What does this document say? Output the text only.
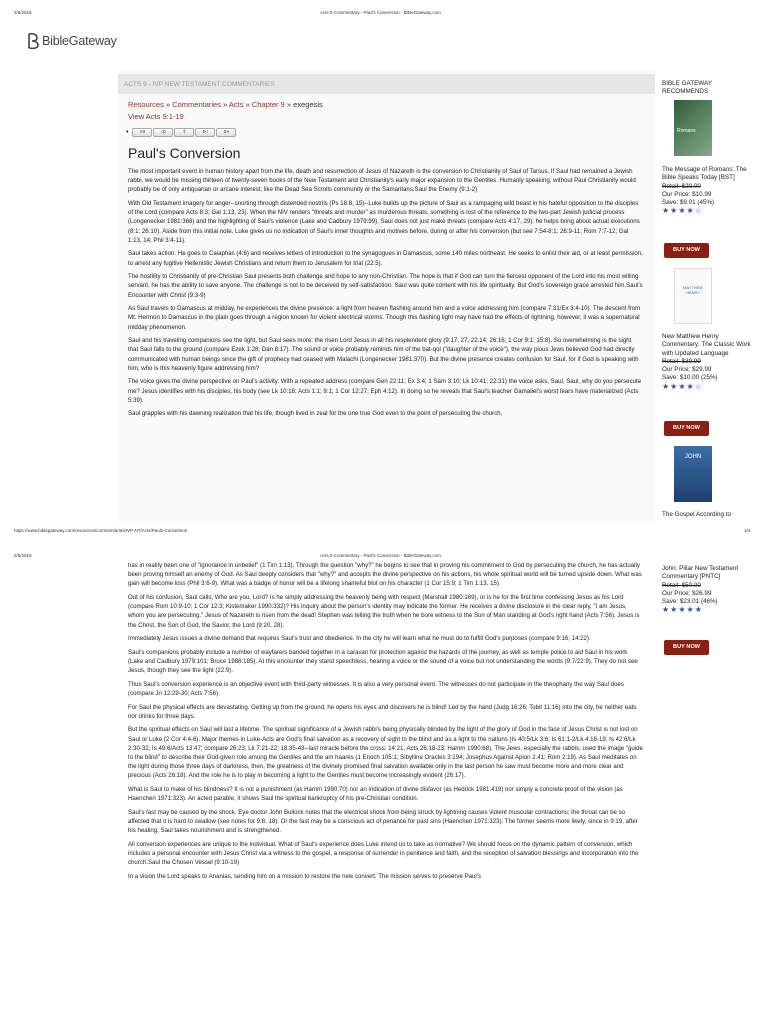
2/6/2016	Acts 9 Commentary - Paul's Conversion - BibleGateway.com
BibleGateway
ACTS 9 - IVP NEW TESTAMENT COMMENTARIES
Resources » Commentaries » Acts » Chapter 9 » exegesis
View Acts 9:1-19
•	«o	‹o	⇧	⊳›	o»
Paul's Conversion

The most important event in human history apart from the life, death and resurrection of Jesus of Nazareth is the conversion to Christianity of Saul of Tarsus. If Saul had remained a Jewish rabbi, we would be missing thirteen of twenty-seven books of the New Testament and Christianity's early major expansion to the Gentiles. Humanly speaking, without Paul Christianity would probably be of only antiquarian or arcane interest, like the Dead Sea Scrolls community or the Samaritans.Saul the Enemy (9:1-2)

With Old Testament imagery for anger--snorting through distended nostrils (Ps 18:8, 15)--Luke builds up the picture of Saul as a rampaging wild beast in his hateful opposition to the disciples of the Lord (compare Acts 8:3; Gal 1:13, 23). When the NIV renders "threats and murder" as murderous threats, something is lost of the reference to the two-part Jewish judicial process (Longenecker 1981:368) and the highlighting of Saul's violence (Lake and Cadbury 1979:99). Saul does not just make threats (compare Acts 4:17, 29); he helps bring about actual executions (8:1; 26:10). Aside from this initial note, Luke gives us no indication of Saul's inner thoughts and motives before, during or after his conversion (but see 7:54-8:1; 26:9-11; Rom 7:7-12; Gal 1:13, 14; Phil 3:4-11).

Saul takes action. He goes to Caiaphas (4:6) and receives letters of introduction to the synagogues in Damascus, some 140 miles northeast. He seeks to enlist their aid, or at least permission, to arrest any fugitive Hellenistic Jewish Christians and return them to Jerusalem for trial (22:5).

The hostility to Christianity of pre-Christian Saul presents both challenge and hope to any non-Christian. The hope is that if God can turn the fiercest opponent of the Lord into his most willing servant, he has the ability to save anyone. The challenge is not to be deceived by self-satisfaction. Saul was quite content with his life spiritually. But God's sovereign grace arrested him.Saul's Encounter with Christ (9:3-9)

As Saul travels to Damascus at midday, he experiences the divine presence: a light from heaven flashing around him and a voice addressing him (compare 7:31/Ex 3:4-10). The descent from Mt. Hermon to Damascus in the plain goes through a region known for violent electrical storms. Though this flashing light may have had the effects of lightning, however, it was a supernatural midday phenomenon.

Saul and his traveling companions see the light, but Saul sees more: the risen Lord Jesus in all his resplendent glory (9:17, 27; 22:14; 26:16; 1 Cor 9:1; 15:8). So overwhelming is the sight that Saul falls to the ground (compare Ezek 1:28; Dan 8:17). The sound or voice probably reminds him of the bat-qol ("daughter of the voice"), the way pious Jews believed God had directly communicated with human beings since the gift of prophecy had ceased with Malachi (Longenecker 1981:370). But the divine presence creates confusion for Saul, for if God is speaking with him, who is this heavenly figure addressing him?

The voice gives the divine perspective on Paul's activity. With a repeated address (compare Gen 22:11; Ex 3:4; 1 Sam 3:10; Lk 10:41; 22:31) the voice asks, Saul, Saul, why do you persecute me? Jesus identifies with his disciples, his body (see Lk 10:16; Acts 1:1; 9:1; 1 Cor 12:27; Eph 4:12). In doing so he reveals that Saul's teacher Gamaliel's worst fears have materialized (Acts 5:39).

Saul grapples with his dawning realization that his life, though lived in zeal for the one true God even to the point of persecuting the church,

https://www.biblegateway.com/resources/commentaries/IVP-NT/Acts/Pauls-Conversion	1/4
2/6/2016	Acts 9 Commentary - Paul's Conversion - BibleGateway.com

has in reality been one of "ignorance in unbelief" (1 Tim 1:13). Through the question "why?" he begins to see that in proving his commitment to God by persecuting the church, he has actually been proving himself an enemy of God. As Saul deeply considers that "why?" and accepts the divine perspective on his actions, his whole spiritual world will be turned upside down. What was gain will become loss (Phil 3:6-9). What was a badge of honor will be a lifelong shameful blot on his character (1 Cor 15:9; 1 Tim 1:13, 15).

Out of his confusion, Saul calls, Who are you, Lord? Is he simply addressing the heavenly being with respect (Marshall 1980:169), or is he for the first time confessing Jesus as his Lord (compare Rom 10:9-10; 1 Cor 12:3; Kistemaker 1990:332)? His inquiry about the person's identity may indicate the former. He receives a divine disclosure in the clear reply, "I am Jesus, whom you are persecuting." Jesus of Nazareth is risen from the dead! Stephen was telling the truth when he bore witness to the Son of Man standing at God's right hand (Acts 7:56). Jesus is the Christ, the Son of God, the Savior, the Lord (9:20, 28).

Immediately Jesus issues a divine demand that requires Saul's trust and obedience. In the city he will learn what he must do to fulfill God's purposes (compare 9:16; 14:22).

Saul's companions probably include a number of wayfarers banded together in a caravan for protection against the hazards of the journey, as well as temple police to aid Saul in his work (Lake and Cadbury 1979:101; Bruce 1988:185). At this encounter they stand speechless, hearing a voice or the sound of a voice but not understanding the words (9:7/22:9). They do not see Jesus, though they see the light (22:9).

Thus Saul's conversion experience is an objective event with third-party witnesses. It is also a very personal event. The witnesses do not participate in the theophany the way Saul does (compare Jn 12:29-30; Acts 7:56).

For Saul the physical effects are devastating. Getting up from the ground, he opens his eyes and discovers he is blind! Led by the hand (Judg 16:26; Tobit 11:16) into the city, he neither eats nor drinks for three days.

But the spiritual effects on Saul will last a lifetime. The spiritual significance of a Jewish rabbi's being physically blinded by the light of the glory of God in the face of Jesus Christ is not lost on Saul or Luke (2 Cor 4:4-6). Major themes in Luke-Acts are God's final salvation as a recovery of sight to the blind and as a light to the nations (Is 40:5/Lk 3:6; Is 61:1-2/Lk 4:18-19; Is 42:6/Lk 2:30-32; Is 49:6/Acts 13:47; compare 26:23; Lk 7:21-22; 18:35-43--last miracle before the cross; 14:21; Acts 26:18-23; Hamm 1990:68). The Jews, especially the rabbis, used the image "guide to the blind" to describe their God-given role among the Gentiles and the am haares (1 Enoch 105:1; Sibylline Oracles 3:194; Josephus Against Apion 2.41; Rom 2:19). As Saul meditates on the light during those three days of darkness, then, the greatness of the divinely promised final salvation available only in the last person he saw must become more and more clear and precious (Acts 26:18). And the role he is to play in becoming a light to the Gentiles must become increasingly evident (26:17).

What is Saul to make of his blindness? It is not a punishment (as Hamm 1990:70) nor an indication of divine disfavor (as Hedrick 1981:419) nor simply a concrete proof of the vision (as Haenchen 1971:323). An acted parable, it shows Saul the spiritual bankruptcy of his pre-Christian condition.

Saul's fast may be caused by the shock. Eye doctor John Bullock notes that the electrical shock from being struck by lightning causes violent muscular contractions; the throat can be so affected that it is hard to swallow (see notes for 9:8, 18). Or the fast may be a conscious act of penance for past sins (Haenchen 1971:323). The former seems more likely, since in 9:19, after his healing, Saul takes nourishment and is strengthened.

All conversion experiences are unique to the individual. What of Saul's experience does Luke intend us to take as normative? We should focus on the dynamic pattern of conversion, which includes a personal encounter with Jesus Christ via a witness to the gospel, a response of surrender in penitence and faith, and the reception of salvation blessings and incorporation into the church.Saul the Chosen Vessel (9:10-19)

In a vision the Lord speaks to Ananias, sending him on a mission to restore the new convert. The mission serves to preserve Paul's

BIBLE GATEWAY RECOMMENDS
Romans
The Message of Romans: The Bible Speaks Today [BST]
Retail: $20.00
Our Price: $10.99
Save: $9.01 (45%)
★★★★☆
BUY NOW
MATTHEW HENRY
New Matthew Henry Commentary: The Classic Work with Updated Language
Retail: $39.99
Our Price: $29.99
Save: $10.00 (25%)
★★★★☆
BUY NOW
JOHN
The Gospel According to
John: Pillar New Testament Commentary [PNTC]
Retail: $50.00
Our Price: $26.99
Save: $23.01 (46%)
★★★★★
BUY NOW
